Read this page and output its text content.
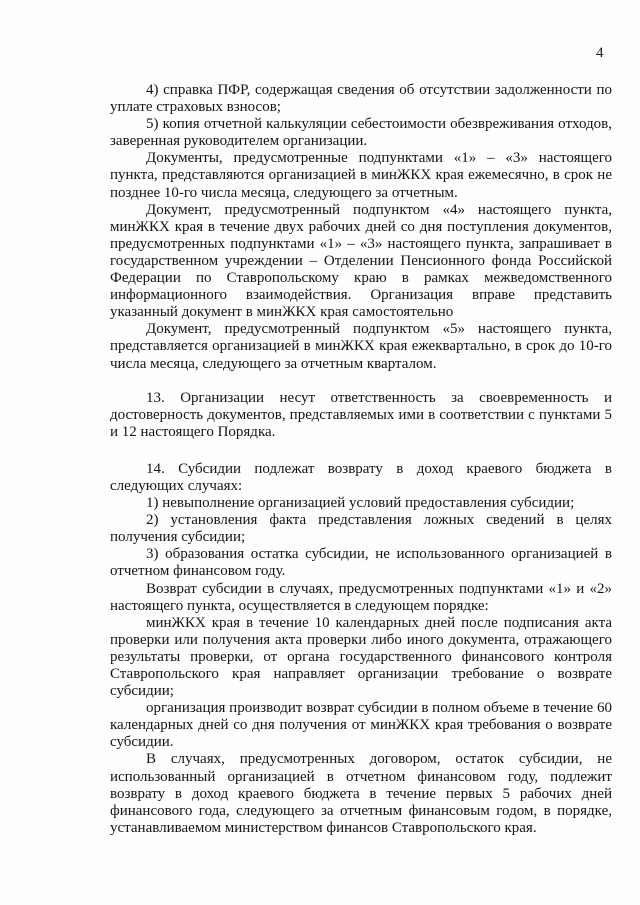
4

4) справка ПФР, содержащая сведения об отсутствии задолженности по уплате страховых взносов;

5) копия отчетной калькуляции себестоимости обезвреживания отходов, заверенная руководителем организации.

Документы, предусмотренные подпунктами «1» – «3» настоящего пункта, представляются организацией в минЖКХ края ежемесячно, в срок не позднее 10-го числа месяца, следующего за отчетным.

Документ, предусмотренный подпунктом «4» настоящего пункта, минЖКХ края в течение двух рабочих дней со дня поступления документов, предусмотренных подпунктами «1» – «3» настоящего пункта, запрашивает в государственном учреждении – Отделении Пенсионного фонда Российской Федерации по Ставропольскому краю в рамках межведомственного информационного взаимодействия. Организация вправе представить указанный документ в минЖКХ края самостоятельно

Документ, предусмотренный подпунктом «5» настоящего пункта, представляется организацией в минЖКХ края ежеквартально, в срок до 10-го числа месяца, следующего за отчетным кварталом.

13. Организации несут ответственность за своевременность и достоверность документов, представляемых ими в соответствии с пунктами 5 и 12 настоящего Порядка.

14. Субсидии подлежат возврату в доход краевого бюджета в следующих случаях:

1) невыполнение организацией условий предоставления субсидии;

2) установления факта представления ложных сведений в целях получения субсидии;

3) образования остатка субсидии, не использованного организацией в отчетном финансовом году.

Возврат субсидии в случаях, предусмотренных подпунктами «1» и «2» настоящего пункта, осуществляется в следующем порядке:

минЖКХ края в течение 10 календарных дней после подписания акта проверки или получения акта проверки либо иного документа, отражающего результаты проверки, от органа государственного финансового контроля Ставропольского края направляет организации требование о возврате субсидии;

организация производит возврат субсидии в полном объеме в течение 60 календарных дней со дня получения от минЖКХ края требования о возврате субсидии.

В случаях, предусмотренных договором, остаток субсидии, не использованный организацией в отчетном финансовом году, подлежит возврату в доход краевого бюджета в течение первых 5 рабочих дней финансового года, следующего за отчетным финансовым годом, в порядке, устанавливаемом министерством финансов Ставропольского края.
